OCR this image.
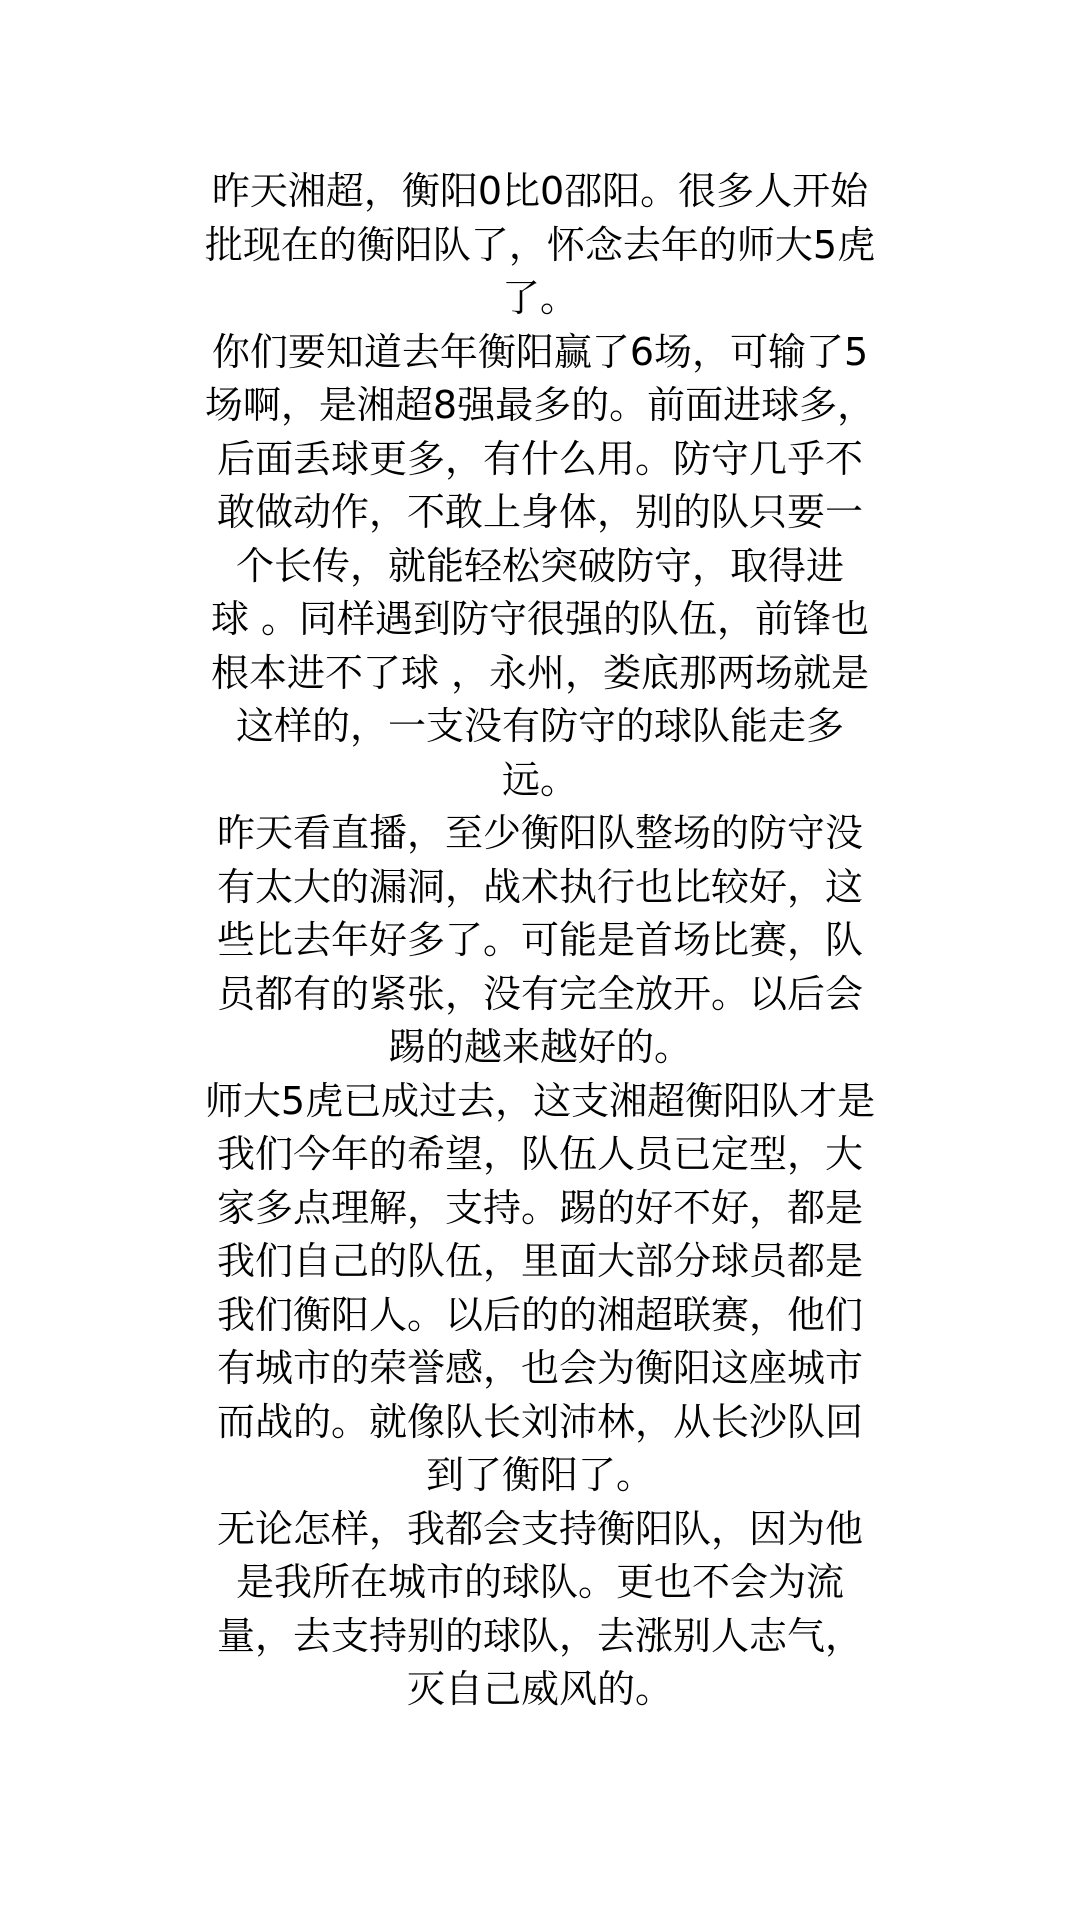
昨天湘超，衡阳0比0邵阳。很多人开始
批现在的衡阳队了，怀念去年的师大5虎
了。
你们要知道去年衡阳赢了6场，可输了5
场啊，是湘超8强最多的。前面进球多，
后面丢球更多，有什么用。防守几乎不
敢做动作，不敢上身体，别的队只要一
个长传，就能轻松突破防守，取得进
球 。同样遇到防守很强的队伍，前锋也
根本进不了球 ，永州，娄底那两场就是
这样的，一支没有防守的球队能走多
远。
昨天看直播，至少衡阳队整场的防守没
有太大的漏洞，战术执行也比较好，这
些比去年好多了。可能是首场比赛，队
员都有的紧张，没有完全放开。以后会
踢的越来越好的。
师大5虎已成过去，这支湘超衡阳队才是
我们今年的希望，队伍人员已定型，大
家多点理解，支持。踢的好不好，都是
我们自己的队伍，里面大部分球员都是
我们衡阳人。以后的的湘超联赛，他们
有城市的荣誉感，也会为衡阳这座城市
而战的。就像队长刘沛林，从长沙队回
到了衡阳了。
无论怎样，我都会支持衡阳队，因为他
是我所在城市的球队。更也不会为流
量，去支持别的球队，去涨别人志气，
灭自己威风的。
